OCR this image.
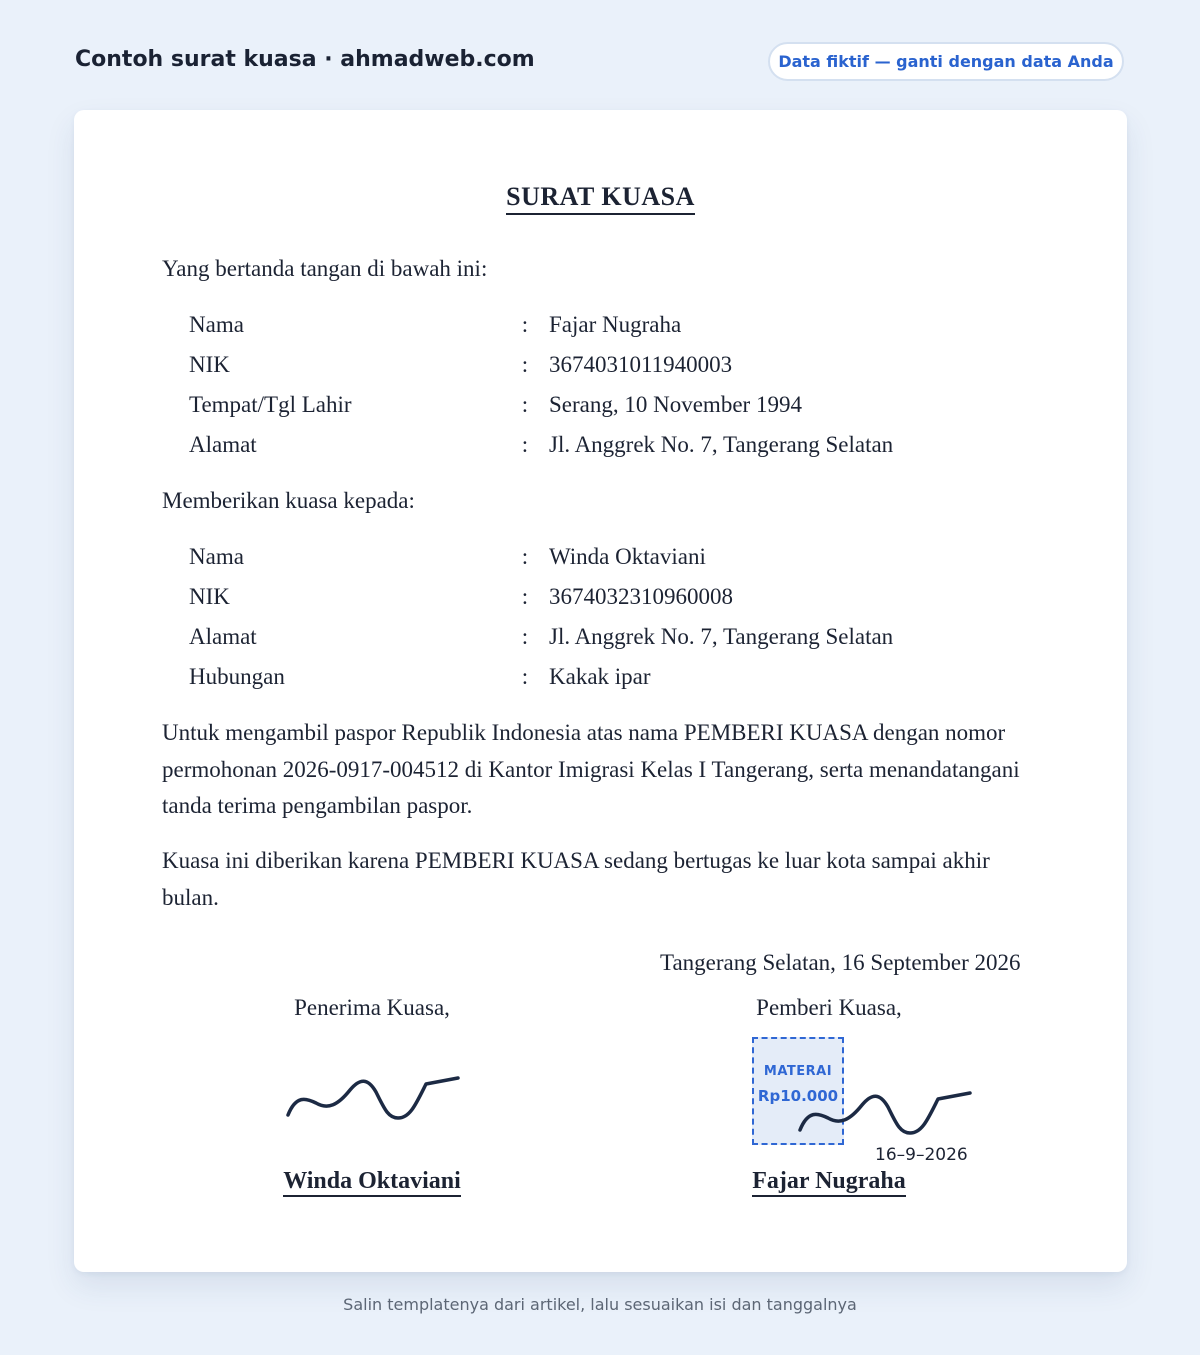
Contoh surat kuasa · ahmadweb.com	Data fiktif — ganti dengan data Anda
SURAT KUASA
Yang bertanda tangan di bawah ini:
Nama	: Fajar Nugraha
NIK	: 3674031011940003
Tempat/Tgl Lahir	: Serang, 10 November 1994
Alamat	: Jl. Anggrek No. 7, Tangerang Selatan
Memberikan kuasa kepada:
Nama	: Winda Oktaviani
NIK	: 3674032310960008
Alamat	: Jl. Anggrek No. 7, Tangerang Selatan
Hubungan	: Kakak ipar
Untuk mengambil paspor Republik Indonesia atas nama PEMBERI KUASA dengan nomor permohonan 2026-0917-004512 di Kantor Imigrasi Kelas I Tangerang, serta menandatangani tanda terima pengambilan paspor.
Kuasa ini diberikan karena PEMBERI KUASA sedang bertugas ke luar kota sampai akhir bulan.
Tangerang Selatan, 16 September 2026
Penerima Kuasa,	Pemberi Kuasa,
MATERAI
Rp10.000
16–9–2026
Winda Oktaviani	Fajar Nugraha
Salin templatenya dari artikel, lalu sesuaikan isi dan tanggalnya
